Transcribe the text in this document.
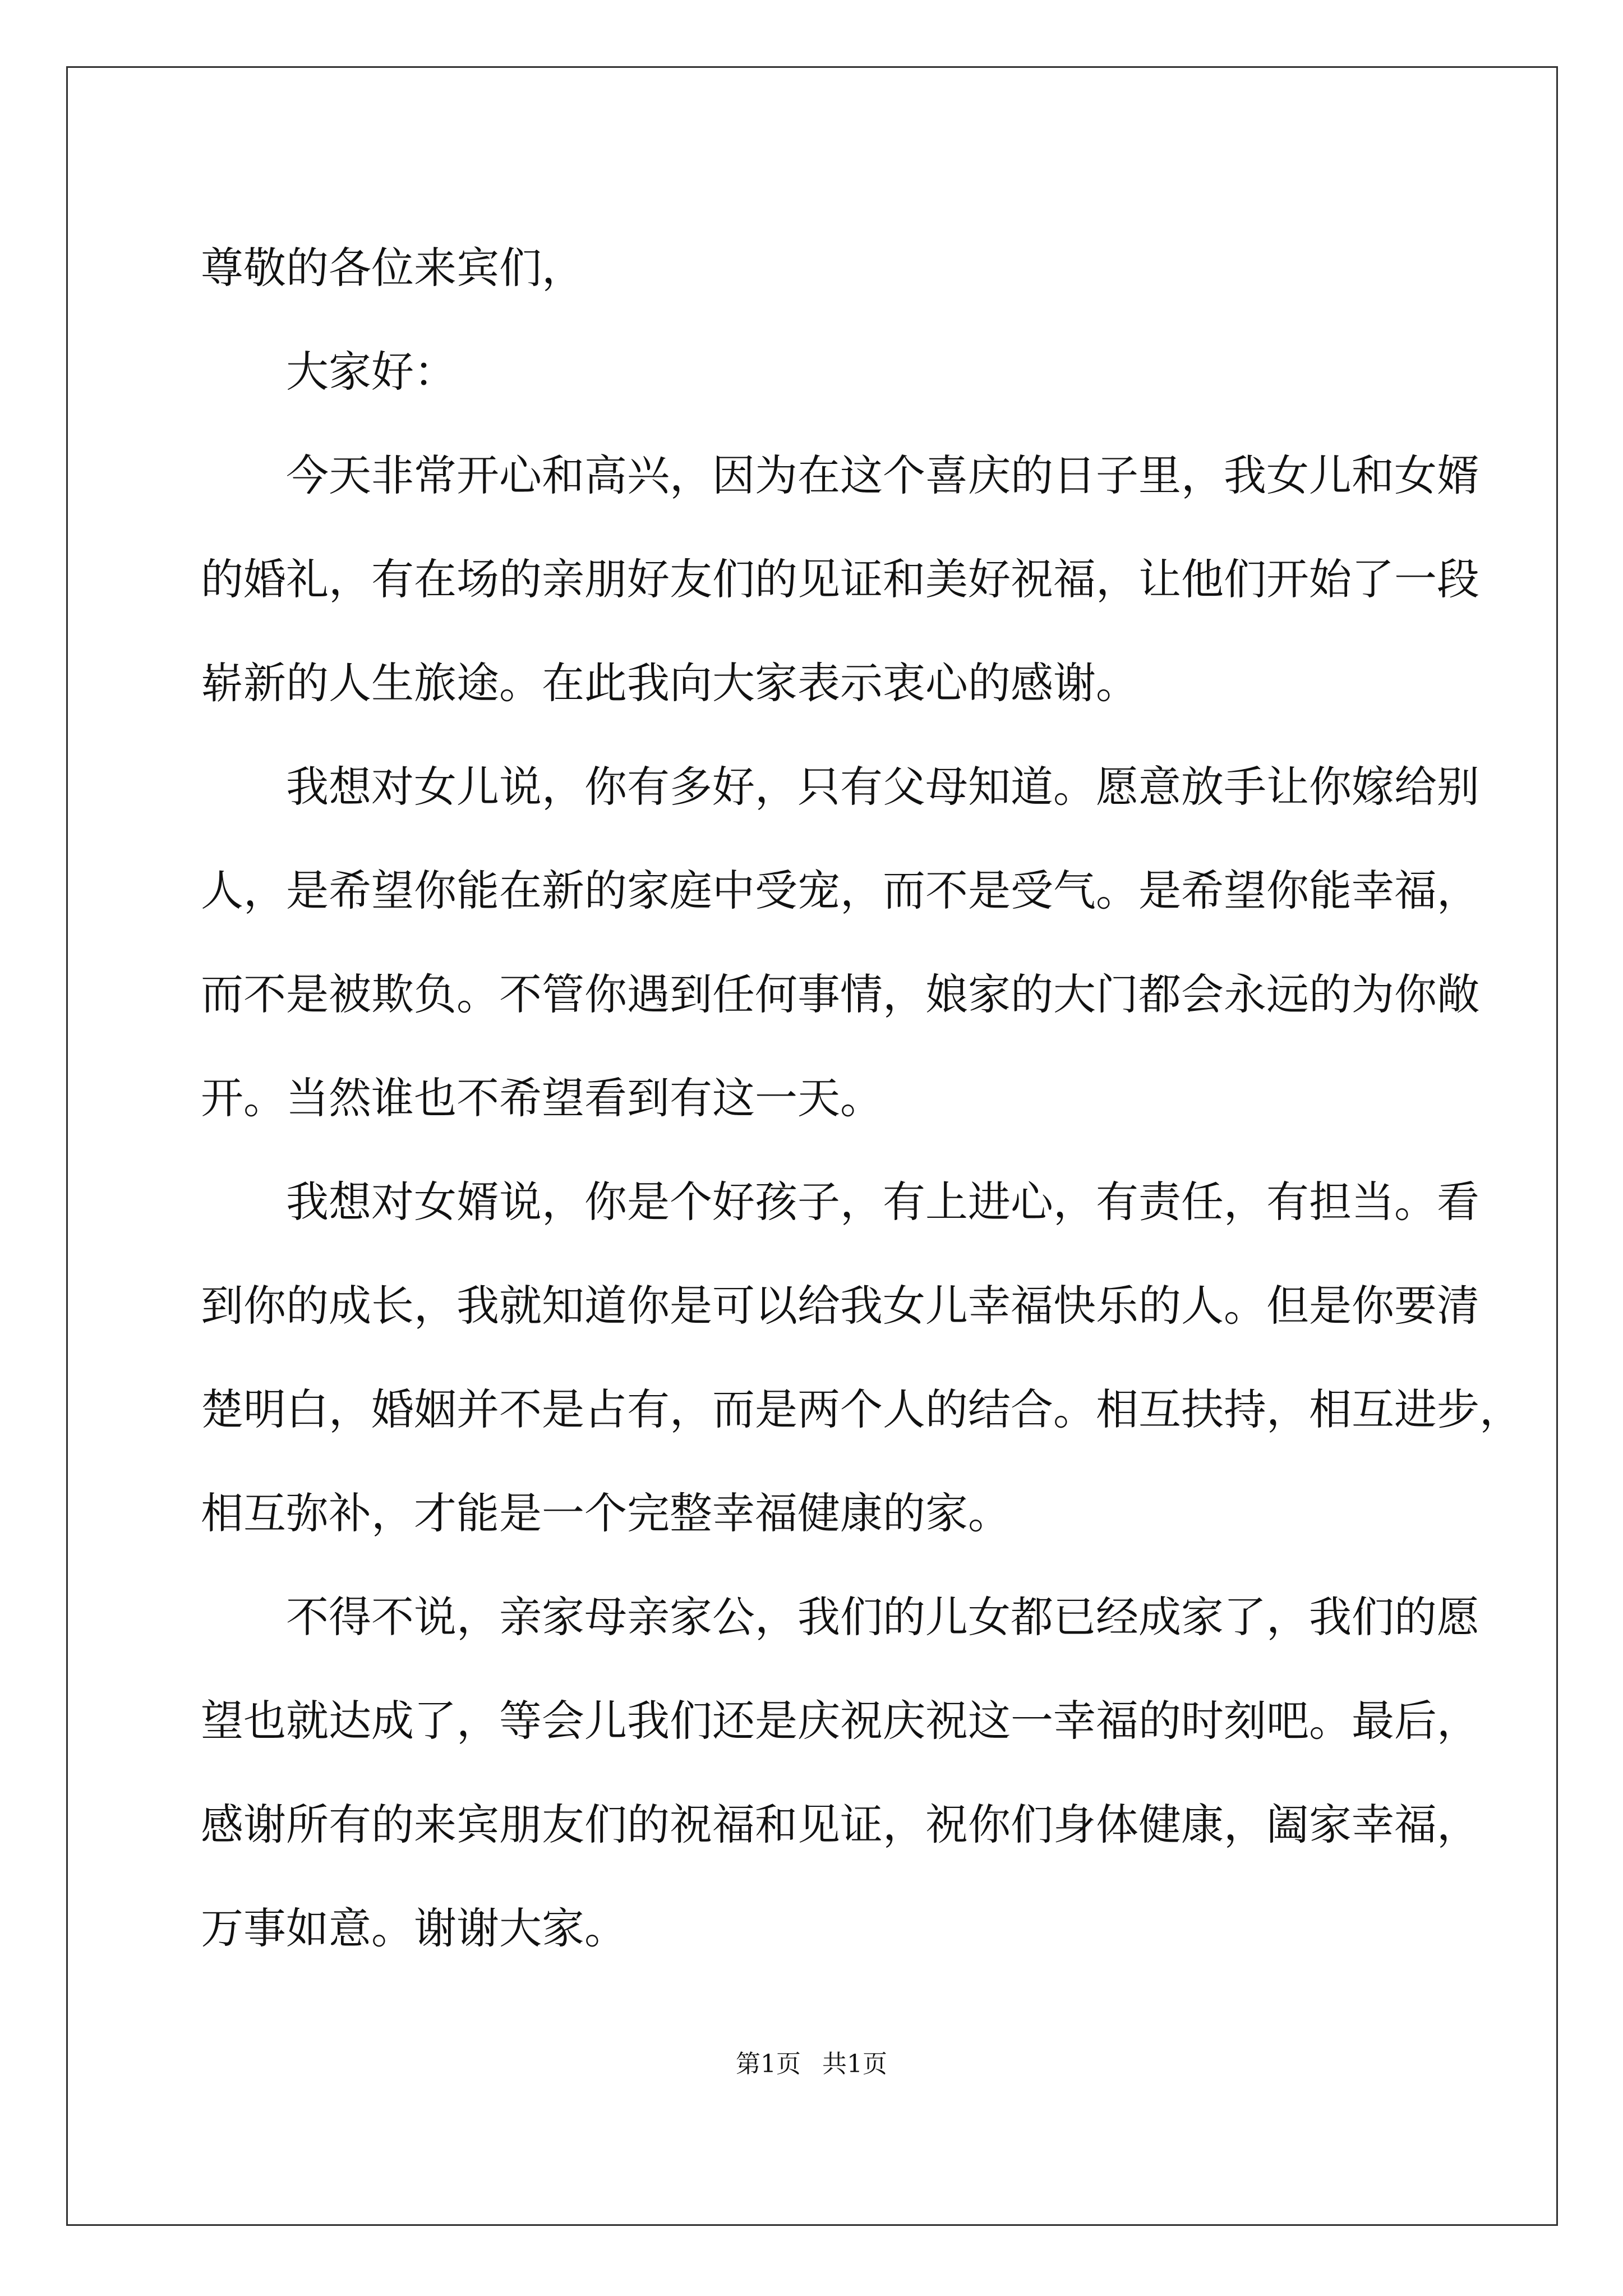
尊敬的各位来宾们，
大家好：
今天非常开心和高兴，因为在这个喜庆的日子里，我女儿和女婿
的婚礼，有在场的亲朋好友们的见证和美好祝福，让他们开始了一段
崭新的人生旅途。在此我向大家表示衷心的感谢。
我想对女儿说，你有多好，只有父母知道。愿意放手让你嫁给别
人，是希望你能在新的家庭中受宠，而不是受气。是希望你能幸福，
而不是被欺负。不管你遇到任何事情，娘家的大门都会永远的为你敞
开。当然谁也不希望看到有这一天。
我想对女婿说，你是个好孩子，有上进心，有责任，有担当。看
到你的成长，我就知道你是可以给我女儿幸福快乐的人。但是你要清
楚明白，婚姻并不是占有，而是两个人的结合。相互扶持，相互进步，
相互弥补，才能是一个完整幸福健康的家。
不得不说，亲家母亲家公，我们的儿女都已经成家了，我们的愿
望也就达成了，等会儿我们还是庆祝庆祝这一幸福的时刻吧。最后，
感谢所有的来宾朋友们的祝福和见证，祝你们身体健康，阖家幸福，
万事如意。谢谢大家。
第1页 共1页
